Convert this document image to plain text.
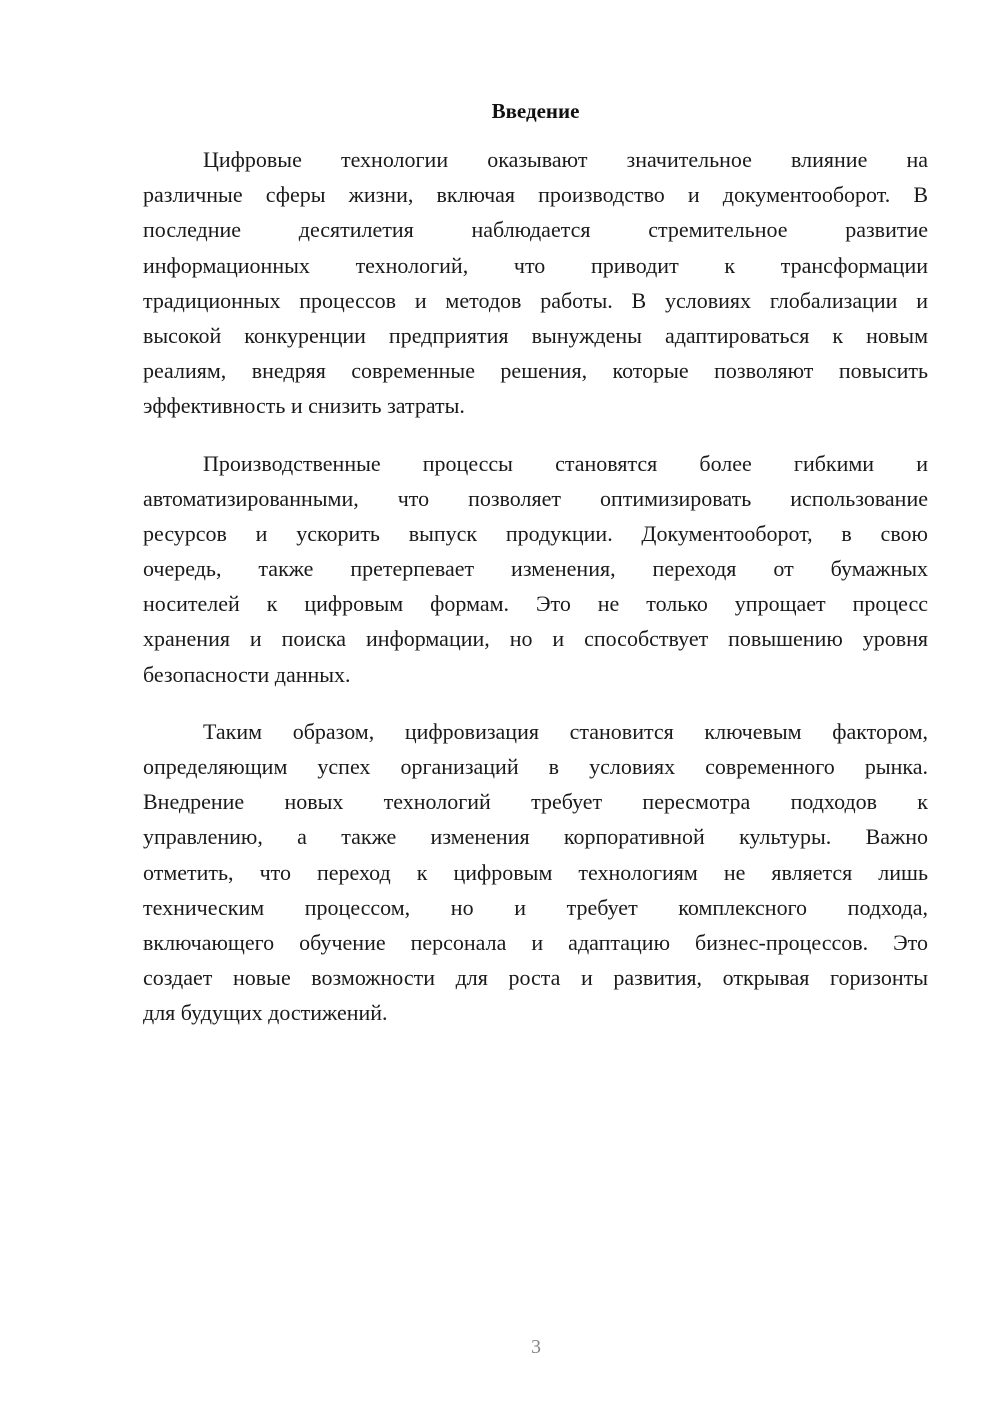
Введение

Цифровые технологии оказывают значительное влияние на
различные сферы жизни, включая производство и документооборот. В
последние десятилетия наблюдается стремительное развитие
информационных технологий, что приводит к трансформации
традиционных процессов и методов работы. В условиях глобализации и
высокой конкуренции предприятия вынуждены адаптироваться к новым
реалиям, внедряя современные решения, которые позволяют повысить
эффективность и снизить затраты.

Производственные процессы становятся более гибкими и
автоматизированными, что позволяет оптимизировать использование
ресурсов и ускорить выпуск продукции. Документооборот, в свою
очередь, также претерпевает изменения, переходя от бумажных
носителей к цифровым формам. Это не только упрощает процесс
хранения и поиска информации, но и способствует повышению уровня
безопасности данных.

Таким образом, цифровизация становится ключевым фактором,
определяющим успех организаций в условиях современного рынка.
Внедрение новых технологий требует пересмотра подходов к
управлению, а также изменения корпоративной культуры. Важно
отметить, что переход к цифровым технологиям не является лишь
техническим процессом, но и требует комплексного подхода,
включающего обучение персонала и адаптацию бизнес-процессов. Это
создает новые возможности для роста и развития, открывая горизонты
для будущих достижений.

3
